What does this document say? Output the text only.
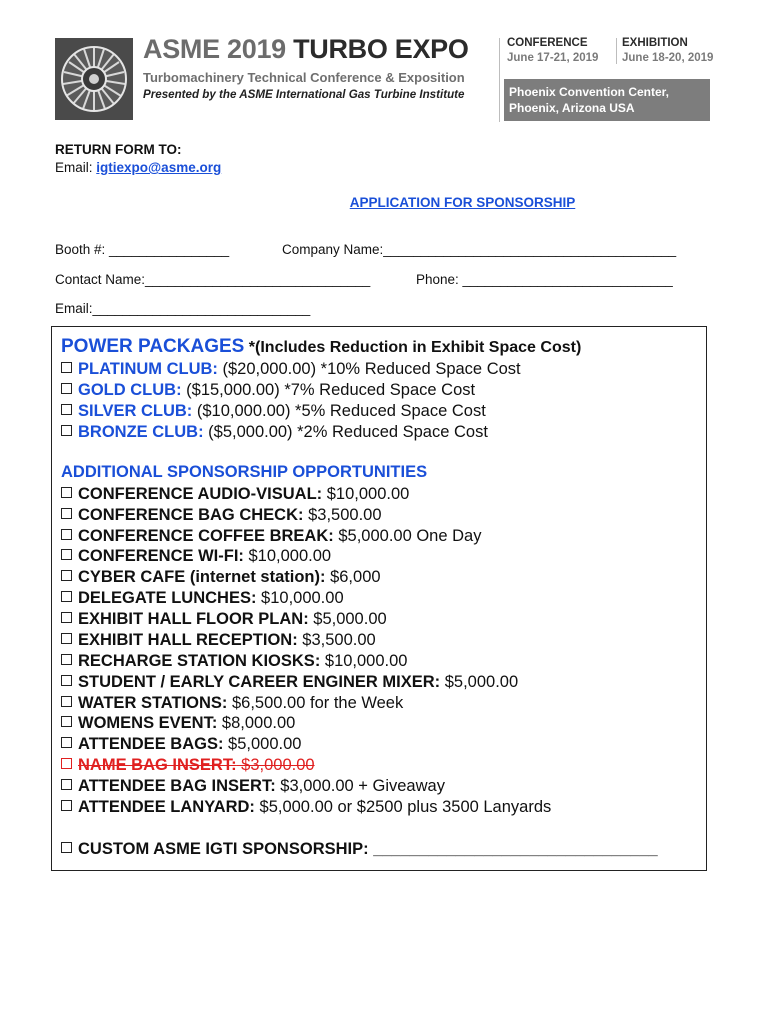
ASME 2019 TURBO EXPO
Turbomachinery Technical Conference & Exposition
Presented by the ASME International Gas Turbine Institute
CONFERENCE
June 17-21, 2019
EXHIBITION
June 18-20, 2019
Phoenix Convention Center,
Phoenix, Arizona USA
RETURN FORM TO:
Email: igtiexpo@asme.org
APPLICATION FOR SPONSORSHIP
Booth #: ________________	Company Name:_______________________________________
Contact Name:______________________________	Phone: ____________________________
Email:_____________________________
POWER PACKAGES *(Includes Reduction in Exhibit Space Cost)
PLATINUM CLUB: ($20,000.00) *10% Reduced Space Cost
GOLD CLUB: ($15,000.00) *7% Reduced Space Cost
SILVER CLUB: ($10,000.00) *5% Reduced Space Cost
BRONZE CLUB: ($5,000.00) *2% Reduced Space Cost
ADDITIONAL SPONSORSHIP OPPORTUNITIES
CONFERENCE AUDIO-VISUAL: $10,000.00
CONFERENCE BAG CHECK: $3,500.00
CONFERENCE COFFEE BREAK: $5,000.00 One Day
CONFERENCE WI-FI: $10,000.00
CYBER CAFE (internet station): $6,000
DELEGATE LUNCHES: $10,000.00
EXHIBIT HALL FLOOR PLAN: $5,000.00
EXHIBIT HALL RECEPTION: $3,500.00
RECHARGE STATION KIOSKS: $10,000.00
STUDENT / EARLY CAREER ENGINER MIXER: $5,000.00
WATER STATIONS: $6,500.00 for the Week
WOMENS EVENT: $8,000.00
ATTENDEE BAGS: $5,000.00
NAME BAG INSERT: $3,000.00
ATTENDEE BAG INSERT: $3,000.00 + Giveaway
ATTENDEE LANYARD: $5,000.00 or $2500 plus 3500 Lanyards
CUSTOM ASME IGTI SPONSORSHIP: _______________________________
